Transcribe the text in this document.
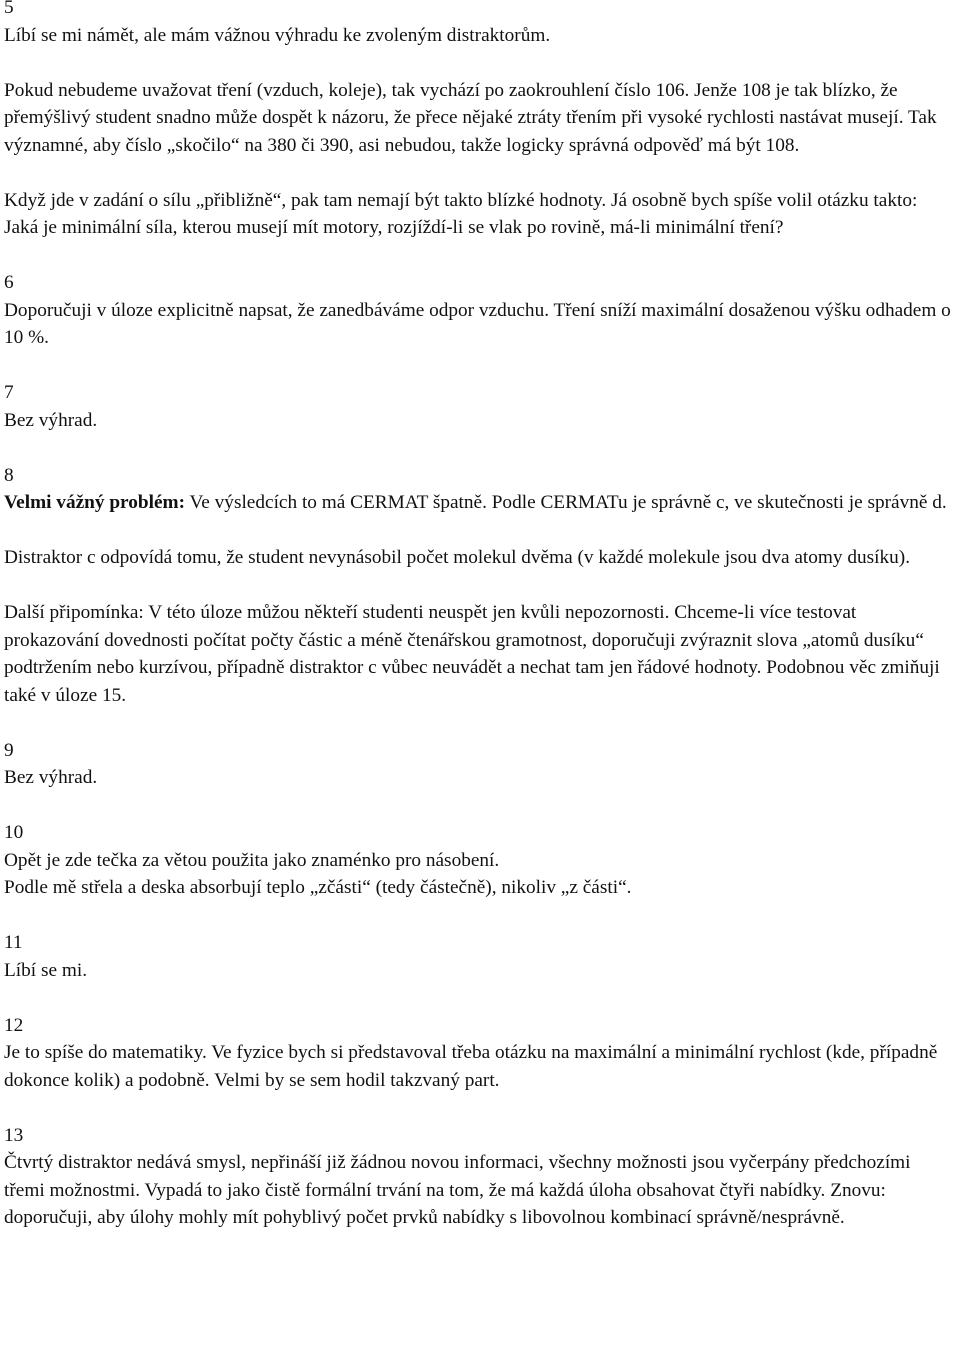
5
Líbí se mi námět, ale mám vážnou výhradu ke zvoleným distraktorům.
Pokud nebudeme uvažovat tření (vzduch, koleje), tak vychází po zaokrouhlení číslo 106. Jenže 108 je tak blízko, že přemýšlivý student snadno může dospět k názoru, že přece nějaké ztráty třením při vysoké rychlosti nastávat musejí. Tak významné, aby číslo „skočilo“ na 380 či 390, asi nebudou, takže logicky správná odpověď má být 108.
Když jde v zadání o sílu „přibližně“, pak tam nemají být takto blízké hodnoty. Já osobně bych spíše volil otázku takto: Jaká je minimální síla, kterou musejí mít motory, rozjíždí-li se vlak po rovině, má-li minimální tření?
6
Doporučuji v úloze explicitně napsat, že zanedbáváme odpor vzduchu. Tření sníží maximální dosaženou výšku odhadem o 10 %.
7
Bez výhrad.
8
Velmi vážný problém: Ve výsledcích to má CERMAT špatně. Podle CERMATu je správně c, ve skutečnosti je správně d.
Distraktor c odpovídá tomu, že student nevynásobil počet molekul dvěma (v každé molekule jsou dva atomy dusíku).
Další připomínka: V této úloze můžou někteří studenti neuspět jen kvůli nepozornosti. Chceme-li více testovat prokazování dovednosti počítat počty částic a méně čtenářskou gramotnost, doporučuji zvýraznit slova „atomů dusíku“ podtržením nebo kurzívou, případně distraktor c vůbec neuvádět a nechat tam jen řádové hodnoty. Podobnou věc zmiňuji také v úloze 15.
9
Bez výhrad.
10
Opět je zde tečka za větou použita jako znaménko pro násobení.
Podle mě střela a deska absorbují teplo „zčásti“ (tedy částečně), nikoliv „z části“.
11
Líbí se mi.
12
Je to spíše do matematiky. Ve fyzice bych si představoval třeba otázku na maximální a minimální rychlost (kde, případně dokonce kolik) a podobně. Velmi by se sem hodil takzvaný part.
13
Čtvrtý distraktor nedává smysl, nepřináší již žádnou novou informaci, všechny možnosti jsou vyčerpány předchozími třemi možnostmi. Vypadá to jako čistě formální trvání na tom, že má každá úloha obsahovat čtyři nabídky. Znovu: doporučuji, aby úlohy mohly mít pohyblivý počet prvků nabídky s libovolnou kombinací správně/nesprávně.
